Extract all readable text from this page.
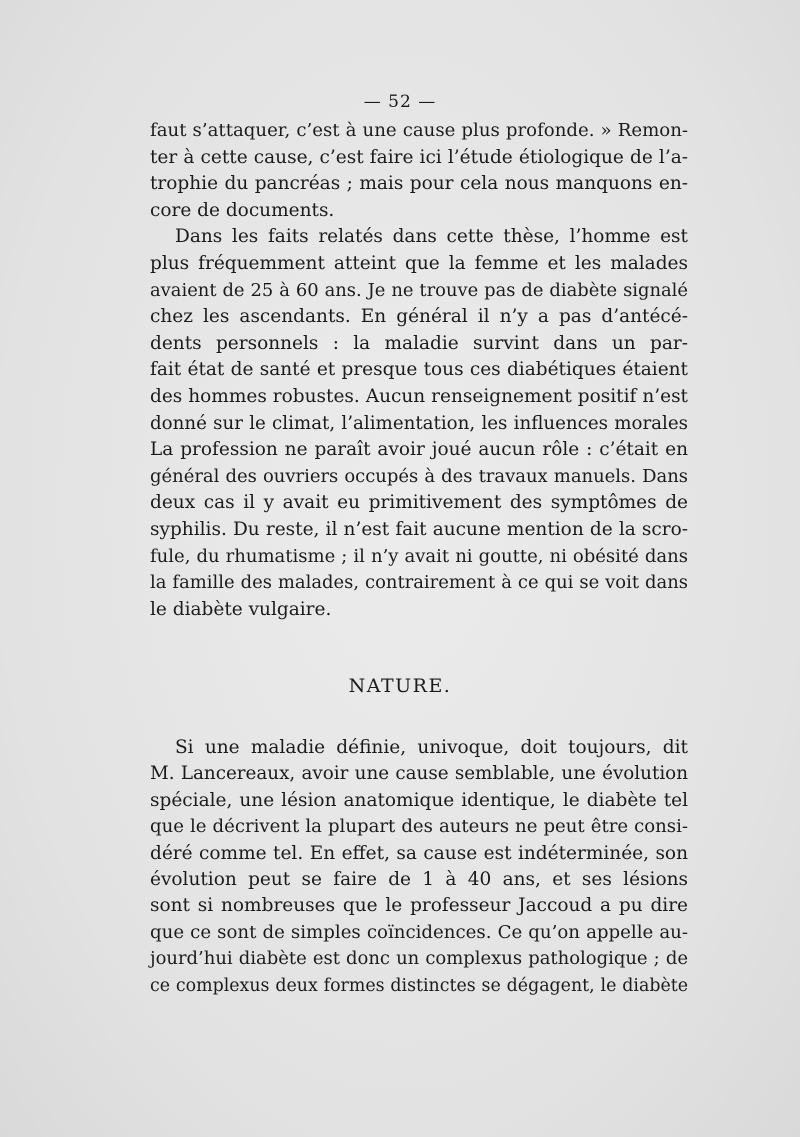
— 52 —
faut s’attaquer, c’est à une cause plus profonde. » Remon-
ter à cette cause, c’est faire ici l’étude étiologique de l’a-
trophie du pancréas ; mais pour cela nous manquons en-
core de documents.
Dans les faits relatés dans cette thèse, l’homme est
plus fréquemment atteint que la femme et les malades
avaient de 25 à 60 ans. Je ne trouve pas de diabète signalé
chez les ascendants. En général il n’y a pas d’antécé-
dents personnels : la maladie survint dans un par-
fait état de santé et presque tous ces diabétiques étaient
des hommes robustes. Aucun renseignement positif n’est
donné sur le climat, l’alimentation, les influences morales
La profession ne paraît avoir joué aucun rôle : c’était en
général des ouvriers occupés à des travaux manuels. Dans
deux cas il y avait eu primitivement des symptômes de
syphilis. Du reste, il n’est fait aucune mention de la scro-
fule, du rhumatisme ; il n’y avait ni goutte, ni obésité dans
la famille des malades, contrairement à ce qui se voit dans
le diabète vulgaire.
NATURE.
Si une maladie définie, univoque, doit toujours, dit
M. Lancereaux, avoir une cause semblable, une évolution
spéciale, une lésion anatomique identique, le diabète tel
que le décrivent la plupart des auteurs ne peut être consi-
déré comme tel. En effet, sa cause est indéterminée, son
évolution peut se faire de 1 à 40 ans, et ses lésions
sont si nombreuses que le professeur Jaccoud a pu dire
que ce sont de simples coïncidences. Ce qu’on appelle au-
jourd’hui diabète est donc un complexus pathologique ; de
ce complexus deux formes distinctes se dégagent, le diabète
